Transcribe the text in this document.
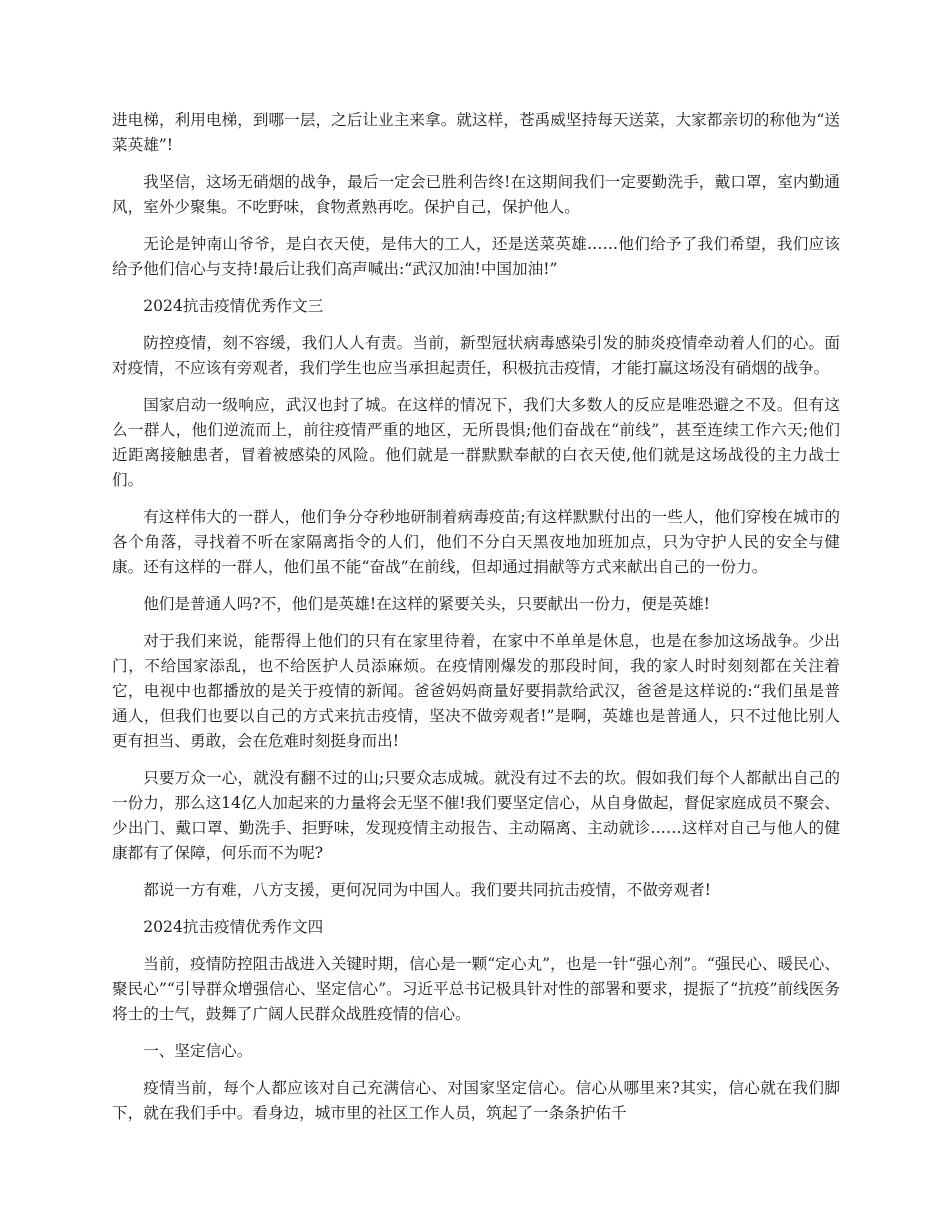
进电梯，利用电梯，到哪一层，之后让业主来拿。就这样，苍禹威坚持每天送菜，大家都亲切的称他为“送菜英雄”!

我坚信，这场无硝烟的战争，最后一定会已胜利告终!在这期间我们一定要勤洗手，戴口罩，室内勤通风，室外少聚集。不吃野味，食物煮熟再吃。保护自己，保护他人。

无论是钟南山爷爷，是白衣天使，是伟大的工人，还是送菜英雄……他们给予了我们希望，我们应该给予他们信心与支持!最后让我们高声喊出:“武汉加油!中国加油!”

2024抗击疫情优秀作文三

防控疫情，刻不容缓，我们人人有责。当前，新型冠状病毒感染引发的肺炎疫情牵动着人们的心。面对疫情，不应该有旁观者，我们学生也应当承担起责任，积极抗击疫情，才能打赢这场没有硝烟的战争。

国家启动一级响应，武汉也封了城。在这样的情况下，我们大多数人的反应是唯恐避之不及。但有这么一群人，他们逆流而上，前往疫情严重的地区，无所畏惧;他们奋战在“前线”，甚至连续工作六天;他们近距离接触患者，冒着被感染的风险。他们就是一群默默奉献的白衣天使,他们就是这场战役的主力战士们。

有这样伟大的一群人，他们争分夺秒地研制着病毒疫苗;有这样默默付出的一些人，他们穿梭在城市的各个角落，寻找着不听在家隔离指令的人们，他们不分白天黑夜地加班加点，只为守护人民的安全与健康。还有这样的一群人，他们虽不能“奋战”在前线，但却通过捐献等方式来献出自己的一份力。

他们是普通人吗?不，他们是英雄!在这样的紧要关头，只要献出一份力，便是英雄!

对于我们来说，能帮得上他们的只有在家里待着，在家中不单单是休息，也是在参加这场战争。少出门，不给国家添乱，也不给医护人员添麻烦。在疫情刚爆发的那段时间，我的家人时时刻刻都在关注着它，电视中也都播放的是关于疫情的新闻。爸爸妈妈商量好要捐款给武汉，爸爸是这样说的:“我们虽是普通人，但我们也要以自己的方式来抗击疫情，坚决不做旁观者!”是啊，英雄也是普通人，只不过他比别人更有担当、勇敢，会在危难时刻挺身而出!

只要万众一心，就没有翻不过的山;只要众志成城。就没有过不去的坎。假如我们每个人都献出自己的一份力，那么这14亿人加起来的力量将会无坚不催!我们要坚定信心，从自身做起，督促家庭成员不聚会、少出门、戴口罩、勤洗手、拒野味，发现疫情主动报告、主动隔离、主动就诊……这样对自己与他人的健康都有了保障，何乐而不为呢?

都说一方有难，八方支援，更何况同为中国人。我们要共同抗击疫情，不做旁观者!

2024抗击疫情优秀作文四

当前，疫情防控阻击战进入关键时期，信心是一颗“定心丸”，也是一针“强心剂”。“强民心、暖民心、聚民心”“引导群众增强信心、坚定信心”。习近平总书记极具针对性的部署和要求，提振了“抗疫”前线医务将士的士气，鼓舞了广阔人民群众战胜疫情的信心。

一、坚定信心。

疫情当前，每个人都应该对自己充满信心、对国家坚定信心。信心从哪里来?其实，信心就在我们脚下，就在我们手中。看身边，城市里的社区工作人员，筑起了一条条护佑千
